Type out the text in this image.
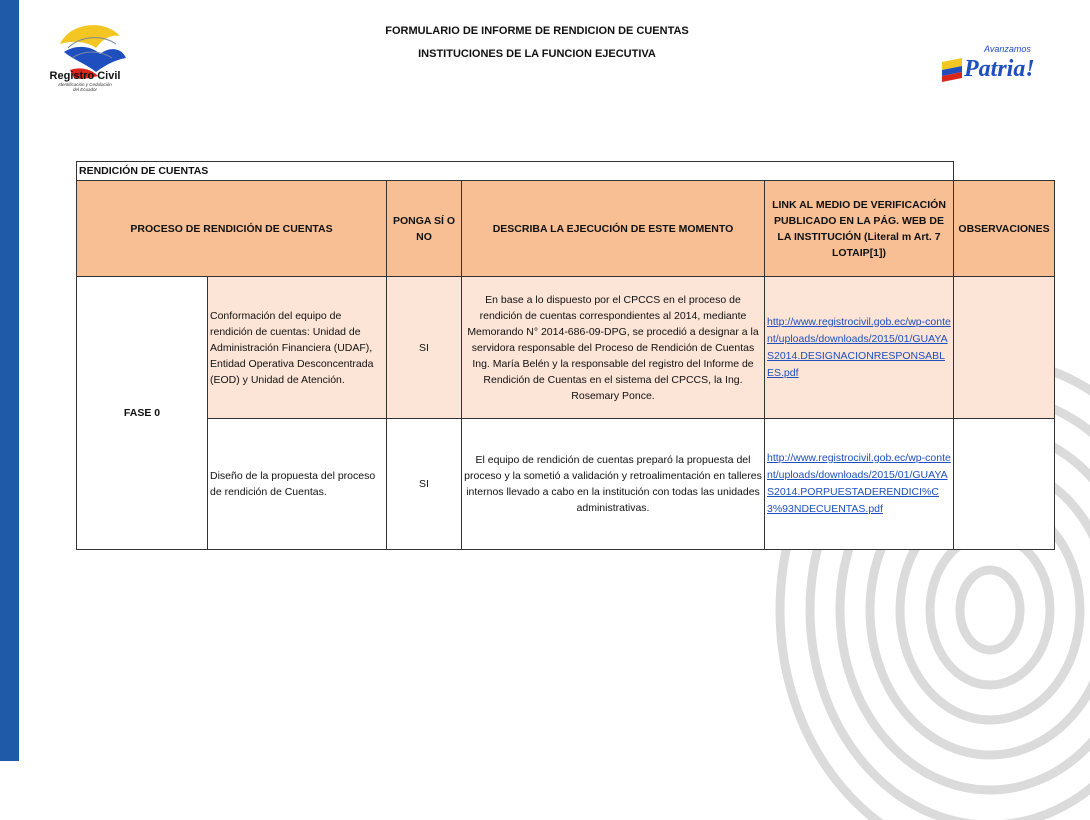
Registro Civil
Identificación y Cedulación
del Ecuador
Avanzamos
Patria!
FORMULARIO DE INFORME DE RENDICION DE CUENTAS
INSTITUCIONES DE LA FUNCION EJECUTIVA
RENDICIÓN DE CUENTAS					
PROCESO DE RENDICIÓN DE CUENTAS		PONGA SÍ O NO	DESCRIBA LA EJECUCIÓN DE ESTE MOMENTO	LINK AL MEDIO DE VERIFICACIÓN PUBLICADO EN LA PÁG. WEB DE LA INSTITUCIÓN (Literal m Art. 7 LOTAIP[1])	OBSERVACIONES
FASE 0	Conformación del equipo de rendición de cuentas: Unidad de Administración Financiera (UDAF), Entidad Operativa Desconcentrada (EOD) y Unidad de Atención.	SI	En base a lo dispuesto por el CPCCS en el proceso de rendición de cuentas correspondientes al 2014, mediante Memorando N° 2014-686-09-DPG, se procedió a designar a la servidora responsable del Proceso de Rendición de Cuentas Ing. María Belén y la responsable del registro del Informe de Rendición de Cuentas en el sistema del CPCCS, la Ing. Rosemary Ponce.	http://www.registrocivil.gob.ec/wp-content/uploads/downloads/2015/01/GUAYAS2014.DESIGNACIONRESPONSABLES.pdf	
	Diseño de la propuesta del proceso de rendición de Cuentas.	SI	El equipo de rendición de cuentas preparó la propuesta del proceso y la sometió a validación y retroalimentación en talleres internos llevado a cabo en la institución con todas las unidades administrativas.	http://www.registrocivil.gob.ec/wp-content/uploads/downloads/2015/01/GUAYAS2014.PORPUESTADERENDICI%C3%93NDECUENTAS.pdf	
